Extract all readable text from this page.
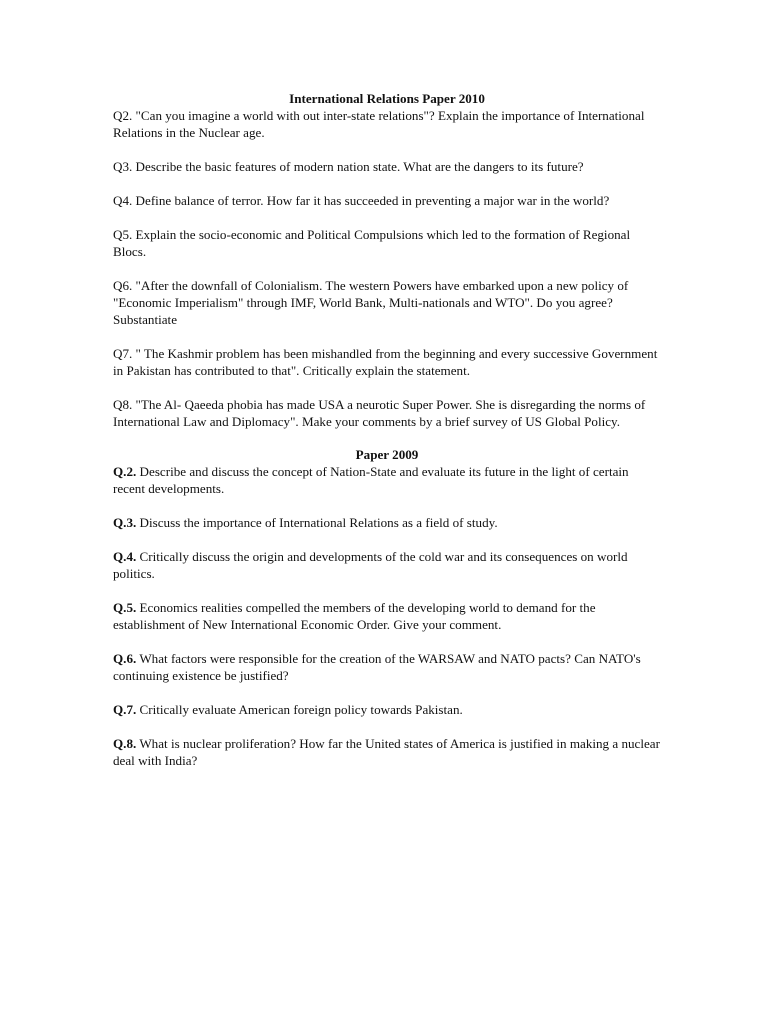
International Relations Paper 2010

Q2. "Can you imagine a world with out inter-state relations"? Explain the importance of International Relations in the Nuclear age.

Q3. Describe the basic features of modern nation state. What are the dangers to its future?

Q4. Define balance of terror. How far it has succeeded in preventing a major war in the world?

Q5. Explain the socio-economic and Political Compulsions which led to the formation of Regional Blocs.

Q6. "After the downfall of Colonialism. The western Powers have embarked upon a new policy of "Economic Imperialism" through IMF, World Bank, Multi-nationals and WTO". Do you agree? Substantiate

Q7. " The Kashmir problem has been mishandled from the beginning and every successive Government in Pakistan has contributed to that". Critically explain the statement.

Q8. "The Al- Qaeeda phobia has made USA a neurotic Super Power. She is disregarding the norms of International Law and Diplomacy". Make your comments by a brief survey of US Global Policy.

Paper 2009

Q.2. Describe and discuss the concept of Nation-State and evaluate its future in the light of certain recent developments.

Q.3. Discuss the importance of International Relations as a field of study.

Q.4. Critically discuss the origin and developments of the cold war and its consequences on world politics.

Q.5. Economics realities compelled the members of the developing world to demand for the establishment of New International Economic Order. Give your comment.

Q.6. What factors were responsible for the creation of the WARSAW and NATO pacts? Can NATO's continuing existence be justified?

Q.7. Critically evaluate American foreign policy towards Pakistan.

Q.8. What is nuclear proliferation? How far the United states of America is justified in making a nuclear deal with India?
